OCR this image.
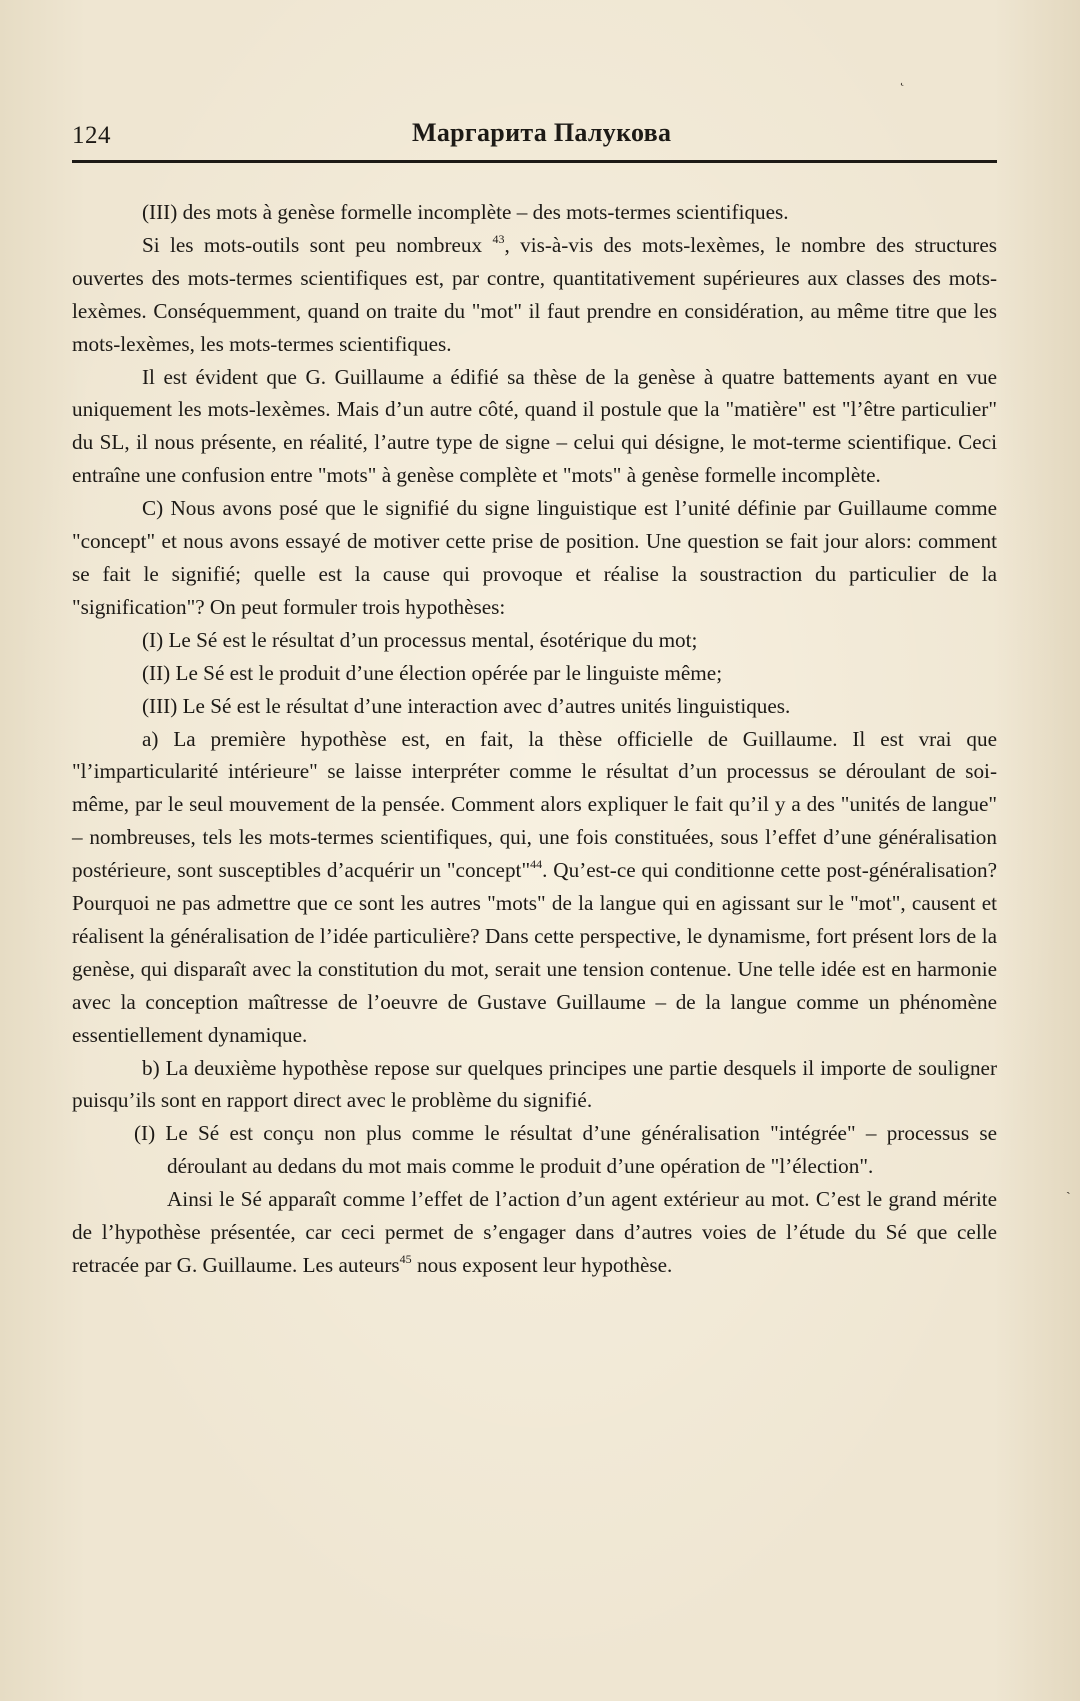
124	Маргарита Палукова
˛
ˏ

(III) des mots à genèse formelle incomplète – des mots-termes scientifiques.

Si les mots-outils sont peu nombreux $^{43}$, vis-à-vis des mots-lexèmes, le nombre des structures ouvertes des mots-termes scientifiques est, par contre, quantitativement supérieures aux classes des mots-lexèmes. Conséquemment, quand on traite du "mot" il faut prendre en considération, au même titre que les mots-lexèmes, les mots-termes scientifiques.

Il est évident que G. Guillaume a édifié sa thèse de la genèse à quatre battements ayant en vue uniquement les mots-lexèmes. Mais d’un autre côté, quand il postule que la "matière" est "l’être particulier" du SL, il nous présente, en réalité, l’autre type de signe – celui qui désigne, le mot-terme scientifique. Ceci entraîne une confusion entre "mots" à genèse complète et "mots" à genèse formelle incomplète.

C) Nous avons posé que le signifié du signe linguistique est l’unité définie par Guillaume comme "concept" et nous avons essayé de motiver cette prise de position. Une question se fait jour alors: comment se fait le signifié; quelle est la cause qui provoque et réalise la soustraction du particulier de la "signification"? On peut formuler trois hypothèses:

(I) Le Sé est le résultat d’un processus mental, ésotérique du mot;

(II) Le Sé est le produit d’une élection opérée par le linguiste même;

(III) Le Sé est le résultat d’une interaction avec d’autres unités linguistiques.

a) La première hypothèse est, en fait, la thèse officielle de Guillaume. Il est vrai que "l’imparticularité intérieure" se laisse interpréter comme le résultat d’un processus se déroulant de soi-même, par le seul mouvement de la pensée. Comment alors expliquer le fait qu’il y a des "unités de langue" – nombreuses, tels les mots-termes scientifiques, qui, une fois constituées, sous l’effet d’une généralisation postérieure, sont susceptibles d’acquérir un "concept"$^{44}$. Qu’est-ce qui conditionne cette post-généralisation? Pourquoi ne pas admettre que ce sont les autres "mots" de la langue qui en agissant sur le "mot", causent et réalisent la généralisation de l’idée particulière? Dans cette perspective, le dynamisme, fort présent lors de la genèse, qui disparaît avec la constitution du mot, serait une tension contenue. Une telle idée est en harmonie avec la conception maîtresse de l’oeuvre de Gustave Guillaume – de la langue comme un phénomène essentiellement dynamique.

b) La deuxième hypothèse repose sur quelques principes une partie desquels il importe de souligner puisqu’ils sont en rapport direct avec le problème du signifié.

(I) Le Sé est conçu non plus comme le résultat d’une généralisation "intégrée" – processus se déroulant au dedans du mot mais comme le produit d’une opération de "l’élection".

Ainsi le Sé apparaît comme l’effet de l’action d’un agent extérieur au mot. C’est le grand mérite de l’hypothèse présentée, car ceci permet de s’engager dans d’autres voies de l’étude du Sé que celle retracée par G. Guillaume. Les auteurs$^{45}$ nous exposent leur hypothèse.
